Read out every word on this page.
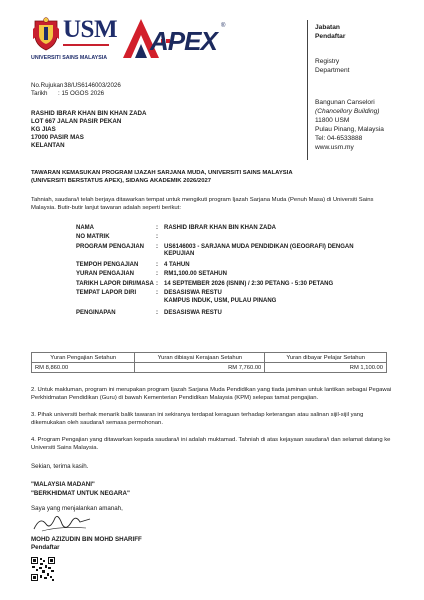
USM
UNIVERSITI SAINS MALAYSIA
APEX ®	Jabatan
Pendaftar
Registry
Department
Bangunan Canselori
(Chancellory Building)
11800 USM
Pulau Pinang, Malaysia
Tel: 04-6533888
www.usm.my
No.Rujukan :
38/US6146003/2026
Tarikh : 15 OGOS 2026
RASHID IBRAR KHAN BIN KHAN ZADA
LOT 667 JALAN PASIR PEKAN
KG JIAS
17000 PASIR MAS
KELANTAN
TAWARAN KEMASUKAN PROGRAM IJAZAH SARJANA MUDA, UNIVERSITI SAINS MALAYSIA
(UNIVERSITI BERSTATUS APEX), SIDANG AKADEMIK 2026/2027
Tahniah, saudara/i telah berjaya ditawarkan tempat untuk mengikuti program Ijazah Sarjana Muda (Penuh Masa) di Universiti Sains Malaysia. Butir-butir lanjut tawaran adalah seperti berikut:
NAMA	: RASHID IBRAR KHAN BIN KHAN ZADA
NO MATRIK	:
PROGRAM PENGAJIAN : US6146003 - SARJANA MUDA PENDIDIKAN (GEOGRAFI) DENGAN KEPUJIAN
TEMPOH PENGAJIAN	: 4 TAHUN
YURAN PENGAJIAN	: RM1,100.00 SETAHUN
TARIKH LAPOR DIRI/MASA : 14 SEPTEMBER 2026 (ISNIN) / 2:30 PETANG - 5:30 PETANG
TEMPAT LAPOR DIRI	: DESASISWA RESTU
KAMPUS INDUK, USM, PULAU PINANG
PENGINAPAN	: DESASISWA RESTU
Yuran Pengajian Setahun	Yuran dibiayai Kerajaan Setahun	Yuran dibayar Pelajar Setahun
RM 8,860.00	RM 7,760.00	RM 1,100.00
2. Untuk makluman, program ini merupakan program Ijazah Sarjana Muda Pendidikan yang tiada jaminan untuk lantikan sebagai Pegawai Perkhidmatan Pendidikan (Guru) di bawah Kementerian Pendidikan Malaysia (KPM) selepas tamat pengajian.
3. Pihak universiti berhak menarik balik tawaran ini sekiranya terdapat keraguan terhadap keterangan atau salinan sijil-sijil yang dikemukakan oleh saudara/i semasa permohonan.
4. Program Pengajian yang ditawarkan kepada saudara/i ini adalah muktamad. Tahniah di atas kejayaan saudara/i dan selamat datang ke Universiti Sains Malaysia.
Sekian, terima kasih.
"MALAYSIA MADANI"
"BERKHIDMAT UNTUK NEGARA"
Saya yang menjalankan amanah,
MOHD AZIZUDIN BIN MOHD SHARIFF
Pendaftar
